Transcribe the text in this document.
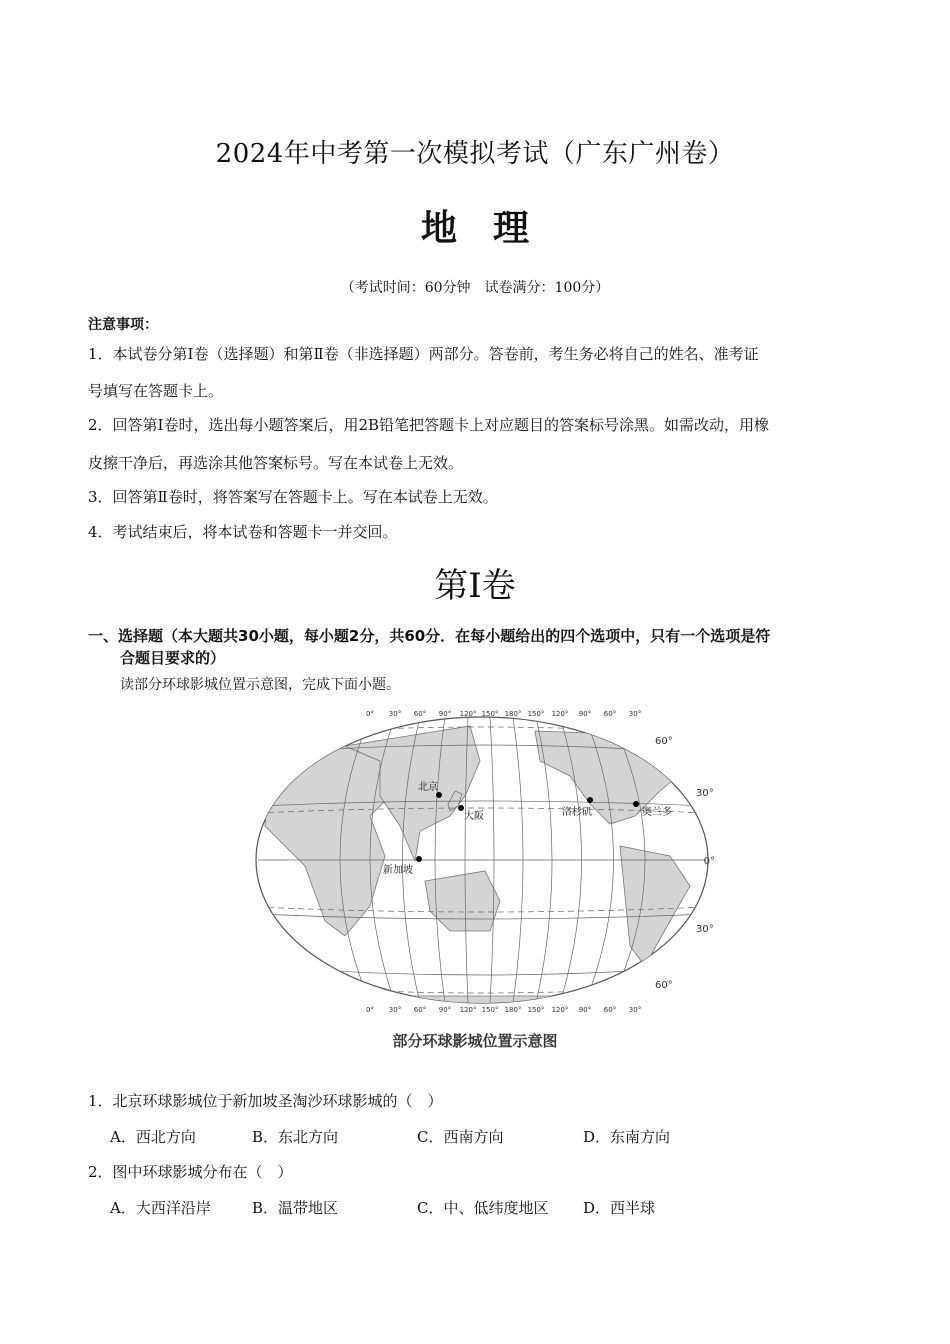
2024年中考第一次模拟考试（广东广州卷）
地　理
（考试时间：60分钟　试卷满分：100分）
注意事项：
1．本试卷分第Ⅰ卷（选择题）和第Ⅱ卷（非选择题）两部分。答卷前，考生务必将自己的姓名、准考证
号填写在答题卡上。
2．回答第Ⅰ卷时，选出每小题答案后，用2B铅笔把答题卡上对应题目的答案标号涂黑。如需改动，用橡
皮擦干净后，再选涂其他答案标号。写在本试卷上无效。
3．回答第Ⅱ卷时，将答案写在答题卡上。写在本试卷上无效。
4．考试结束后，将本试卷和答题卡一并交回。
第Ⅰ卷
一、选择题（本大题共30小题，每小题2分，共60分．在每小题给出的四个选项中，只有一个选项是符
合题目要求的）
读部分环球影城位置示意图，完成下面小题。
0° 30° 60° 90° 120° 150° 180° 150° 120° 90° 60° 30°
0° 30° 60° 90° 120° 150° 180° 150° 120° 90° 60° 30°
60°
30°
0°
30°
60°
北京
大阪
新加坡
洛杉矶	奥兰多
部分环球影城位置示意图
1．北京环球影城位于新加坡圣淘沙环球影城的（　）
A．西北方向	B．东北方向	C．西南方向	D．东南方向
2．图中环球影城分布在（　）
A．大西洋沿岸	B．温带地区	C．中、低纬度地区 D．西半球
